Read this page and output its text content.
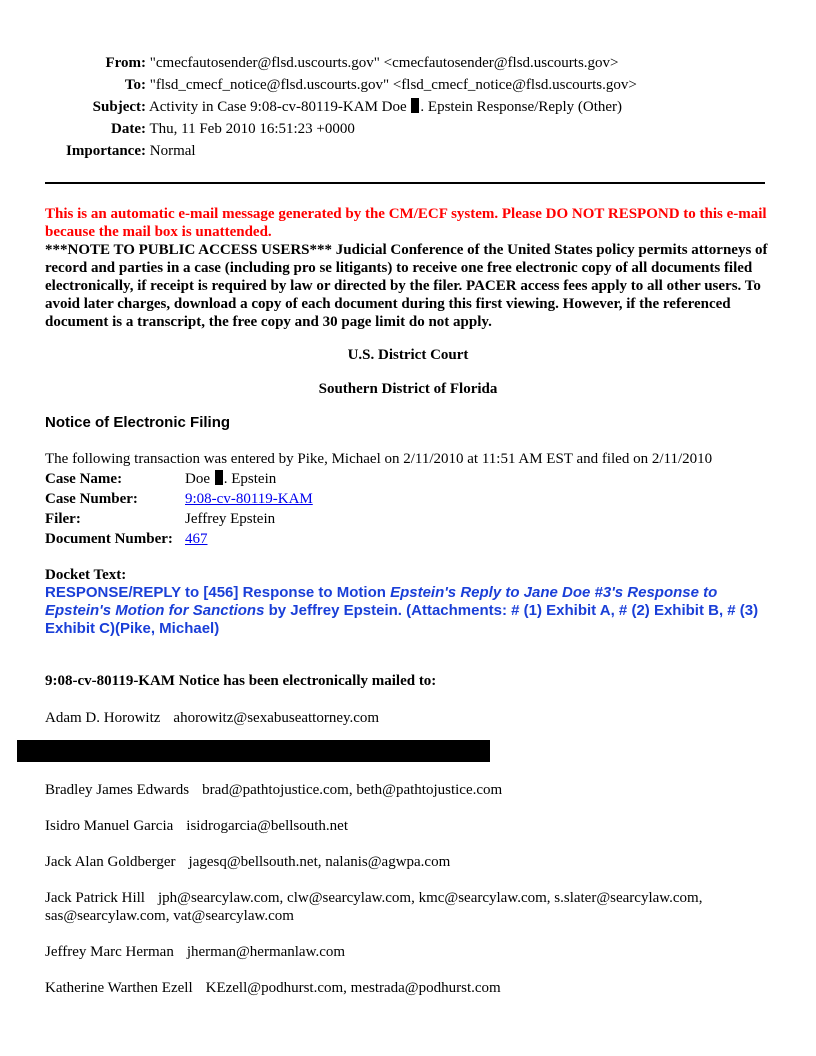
From: "cmecfautosender@flsd.uscourts.gov" <cmecfautosender@flsd.uscourts.gov>
To: "flsd_cmecf_notice@flsd.uscourts.gov" <flsd_cmecf_notice@flsd.uscourts.gov>
Subject: Activity in Case 9:08-cv-80119-KAM Doe . Epstein Response/Reply (Other)
Date: Thu, 11 Feb 2010 16:51:23 +0000
Importance: Normal
This is an automatic e-mail message generated by the CM/ECF system. Please DO NOT RESPOND to this e-mail because the mail box is unattended.
***NOTE TO PUBLIC ACCESS USERS*** Judicial Conference of the United States policy permits attorneys of record and parties in a case (including pro se litigants) to receive one free electronic copy of all documents filed electronically, if receipt is required by law or directed by the filer. PACER access fees apply to all other users. To avoid later charges, download a copy of each document during this first viewing. However, if the referenced document is a transcript, the free copy and 30 page limit do not apply.
U.S. District Court
Southern District of Florida
Notice of Electronic Filing
The following transaction was entered by Pike, Michael on 2/11/2010 at 11:51 AM EST and filed on 2/11/2010
Case Name:	Doe . Epstein
Case Number:	9:08-cv-80119-KAM
Filer:	Jeffrey Epstein
Document Number: 467
Docket Text:
RESPONSE/REPLY to [456] Response to Motion Epstein's Reply to Jane Doe #3's Response to Epstein's Motion for Sanctions by Jeffrey Epstein. (Attachments: # (1) Exhibit A, # (2) Exhibit B, # (3) Exhibit C)(Pike, Michael)
9:08-cv-80119-KAM Notice has been electronically mailed to:
Adam D. Horowitz ahorowitz@sexabuseattorney.com
Bradley James Edwards brad@pathtojustice.com, beth@pathtojustice.com
Isidro Manuel Garcia isidrogarcia@bellsouth.net
Jack Alan Goldberger jagesq@bellsouth.net, nalanis@agwpa.com
Jack Patrick Hill jph@searcylaw.com, clw@searcylaw.com, kmc@searcylaw.com, s.slater@searcylaw.com, sas@searcylaw.com, vat@searcylaw.com
Jeffrey Marc Herman jherman@hermanlaw.com
Katherine Warthen Ezell KEzell@podhurst.com, mestrada@podhurst.com
